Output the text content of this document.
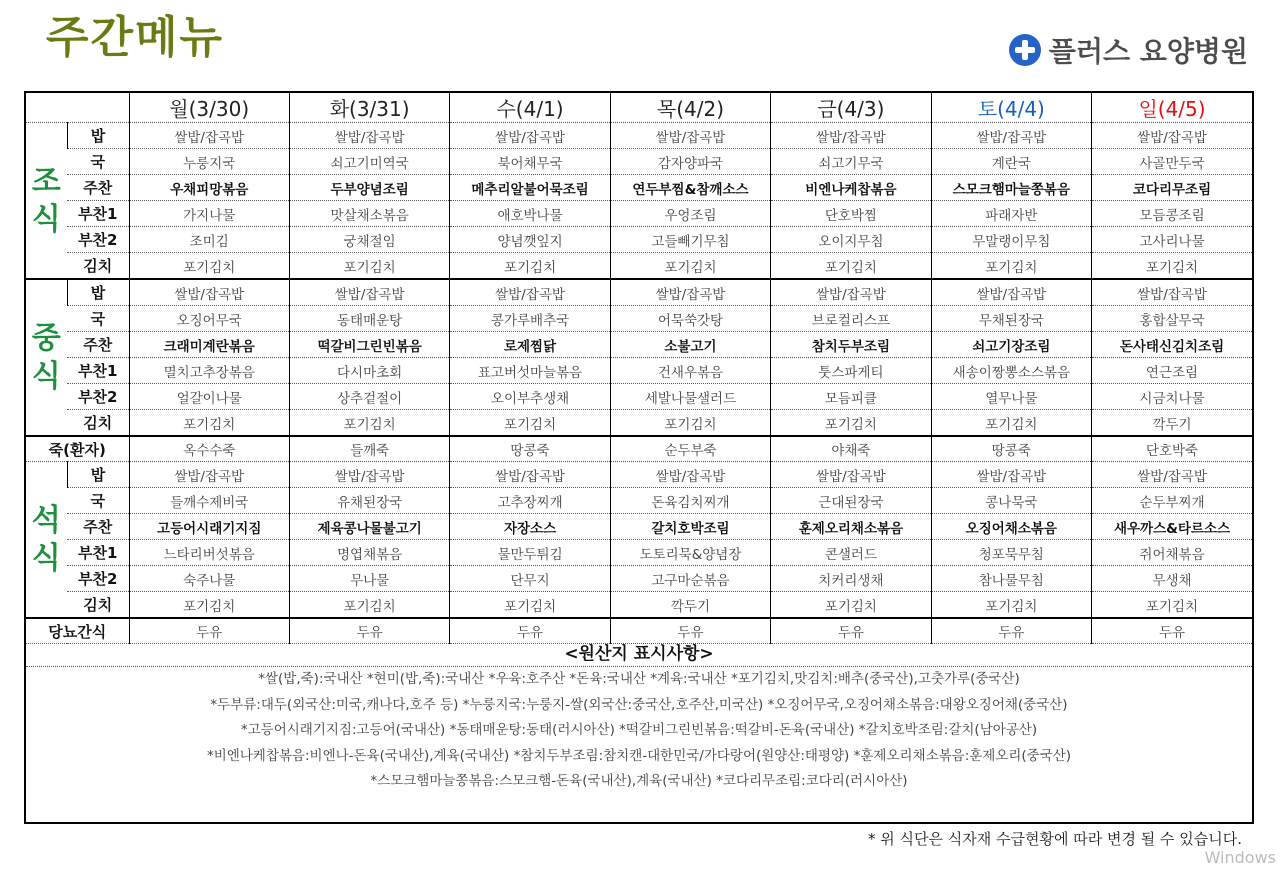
주간메뉴	플러스 요양병원
		월(3/30)	화(3/31)	수(4/1)	목(4/2)	금(4/3)	토(4/4)	일(4/5)

조
식	밥	쌀밥/잡곡밥	쌀밥/잡곡밥	쌀밥/잡곡밥	쌀밥/잡곡밥	쌀밥/잡곡밥	쌀밥/잡곡밥	쌀밥/잡곡밥
	국	누룽지국	쇠고기미역국	북어채무국	감자양파국	쇠고기무국	계란국	사골만두국
	주찬	우채피망볶음	두부양념조림	메추리알불어묵조림	연두부찜&참깨소스	비엔나케찹볶음	스모크햄마늘쫑볶음	코다리무조림
	부찬1	가지나물	맛살채소볶음	애호박나물	우엉조림	단호박찜	파래자반	모듬콩조림
	부찬2	조미김	궁채절임	양념깻잎지	고들빼기무침	오이지무침	무말랭이무침	고사리나물
	김치	포기김치	포기김치	포기김치	포기김치	포기김치	포기김치	포기김치

중
식	밥	쌀밥/잡곡밥	쌀밥/잡곡밥	쌀밥/잡곡밥	쌀밥/잡곡밥	쌀밥/잡곡밥	쌀밥/잡곡밥	쌀밥/잡곡밥
	국	오징어무국	동태매운탕	콩가루배추국	어묵쑥갓탕	브로컬리스프	무채된장국	홍합살무국
	주찬	크래미계란볶음	떡갈비그린빈볶음	로제찜닭	소불고기	참치두부조림	쇠고기장조림	돈사태신김치조림
	부찬1	멸치고추장볶음	다시마초회	표고버섯마늘볶음	건새우볶음	툿스파게티	새송이짱뽕소스볶음	연근조림
	부찬2	얼갈이나물	상추겉절이	오이부추생채	세발나물샐러드	모듬피클	열무나물	시금치나물
	김치	포기김치	포기김치	포기김치	포기김치	포기김치	포기김치	깍두기
죽(환자)		옥수수죽	들깨죽	땅콩죽	순두부죽	야채죽	땅콩죽	단호박죽

석
식	밥	쌀밥/잡곡밥	쌀밥/잡곡밥	쌀밥/잡곡밥	쌀밥/잡곡밥	쌀밥/잡곡밥	쌀밥/잡곡밥	쌀밥/잡곡밥
	국	들깨수제비국	유채된장국	고추장찌개	돈육김치찌개	근대된장국	콩나묵국	순두부찌개
	주찬	고등어시래기지짐	제육콩나물불고기	자장소스	갈치호박조림	훈제오리채소볶음	오징어채소볶음	새우까스&타르소스
	부찬1	느타리버섯볶음	명엽채볶음	물만두튀김	도토리묵&양념장	콘샐러드	청포묵무침	쥐어채볶음
	부찬2	숙주나물	무나물	단무지	고구마순볶음	치커리생채	참나물무침	무생채
	김치	포기김치	포기김치	포기김치	깍두기	포기김치	포기김치	포기김치
당뇨간식		두유	두유	두유	두유	두유	두유	두유
<원산지 표시사항>
*쌀(밥,죽):국내산 *현미(밥,죽):국내산 *우육:호주산 *돈육:국내산 *계육:국내산 *포기김치,맛김치:배추(중국산),고춧가루(중국산)
*두부류:대두(외국산:미국,캐나다,호주 등) *누룽지국:누룽지-쌀(외국산:중국산,호주산,미국산) *오징어무국,오징어채소볶음:대왕오징어채(중국산)
*고등어시래기지짐:고등어(국내산) *동태매운탕:동태(러시아산) *떡갈비그린빈볶음:떡갈비-돈육(국내산) *갈치호박조림:갈치(남아공산)
*비엔나케찹볶음:비엔나-돈육(국내산),계육(국내산) *참치두부조림:참치캔-대한민국/가다랑어(원양산:태평양) *훈제오리채소볶음:훈제오리(중국산)
*스모크햄마늘쫑볶음:스모크햄-돈육(국내산),계육(국내산) *코다리무조림:코다리(러시아산)
* 위 식단은 식자재 수급현황에 따라 변경 될 수 있습니다.
Windows
